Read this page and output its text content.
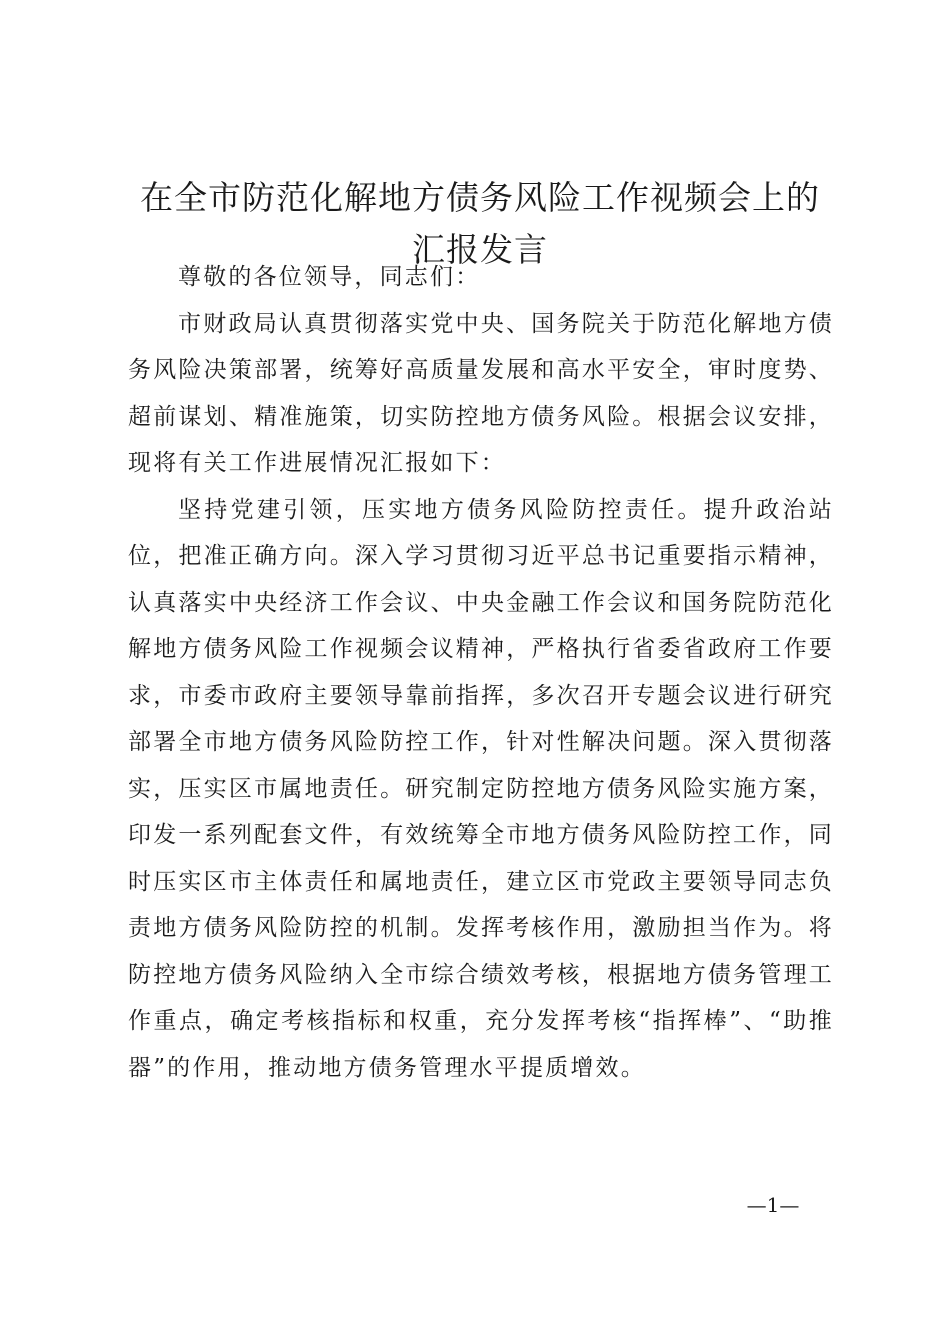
在全市防范化解地方债务风险工作视频会上的
汇报发言

尊敬的各位领导，同志们：

市财政局认真贯彻落实党中央、国务院关于防范化解地方债务风险决策部署，统筹好高质量发展和高水平安全，审时度势、超前谋划、精准施策，切实防控地方债务风险。根据会议安排，现将有关工作进展情况汇报如下：

坚持党建引领，压实地方债务风险防控责任。提升政治站位，把准正确方向。深入学习贯彻习近平总书记重要指示精神，认真落实中央经济工作会议、中央金融工作会议和国务院防范化解地方债务风险工作视频会议精神，严格执行省委省政府工作要求，市委市政府主要领导靠前指挥，多次召开专题会议进行研究部署全市地方债务风险防控工作，针对性解决问题。深入贯彻落实，压实区市属地责任。研究制定防控地方债务风险实施方案，印发一系列配套文件，有效统筹全市地方债务风险防控工作，同时压实区市主体责任和属地责任，建立区市党政主要领导同志负责地方债务风险防控的机制。发挥考核作用，激励担当作为。将防控地方债务风险纳入全市综合绩效考核，根据地方债务管理工作重点，确定考核指标和权重，充分发挥考核“指挥棒”、“助推器”的作用，推动地方债务管理水平提质增效。

—1—
